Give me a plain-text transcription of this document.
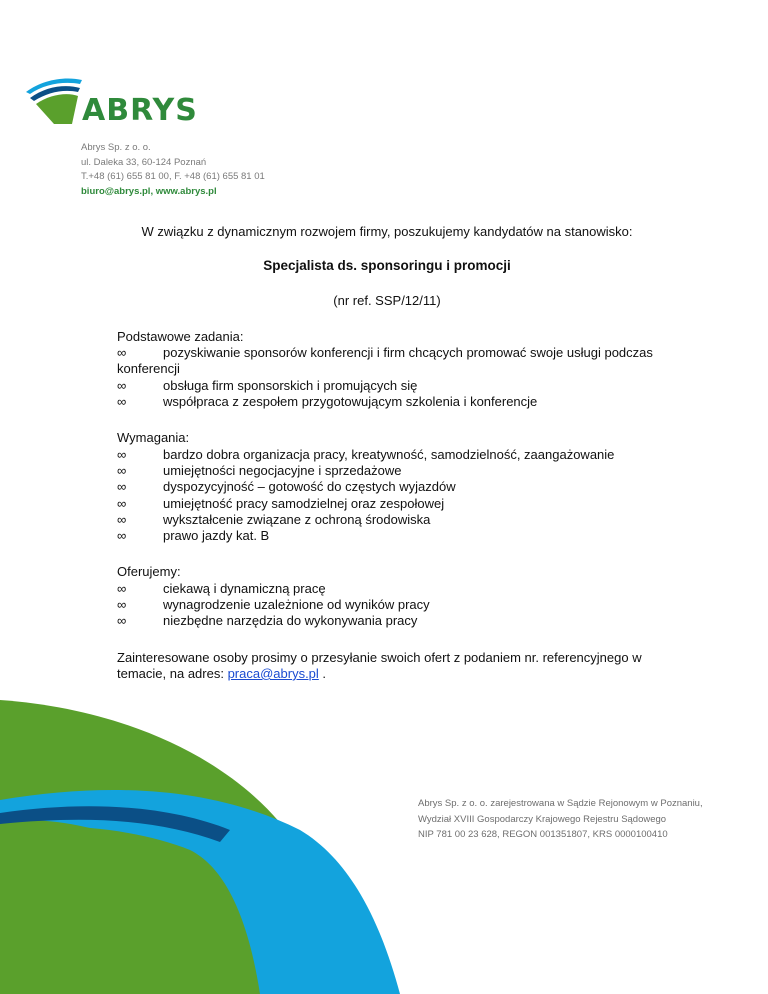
ABRYS
Abrys Sp. z o. o.
ul. Daleka 33, 60-124 Poznań
T.+48 (61) 655 81 00, F. +48 (61) 655 81 01
biuro@abrys.pl, www.abrys.pl
W związku z dynamicznym rozwojem firmy, poszukujemy kandydatów na stanowisko:
Specjalista ds. sponsoringu i promocji
(nr ref. SSP/12/11)
Podstawowe zadania:
∞	pozyskiwanie sponsorów konferencji i firm chcących promować swoje usługi podczas konferencji
∞	obsługa firm sponsorskich i promujących się
∞	współpraca z zespołem przygotowującym szkolenia i konferencje
Wymagania:
∞	bardzo dobra organizacja pracy, kreatywność, samodzielność, zaangażowanie
∞	umiejętności negocjacyjne i sprzedażowe
∞	dyspozycyjność – gotowość do częstych wyjazdów
∞	umiejętność pracy samodzielnej oraz zespołowej
∞	wykształcenie związane z ochroną środowiska
∞	prawo jazdy kat. B
Oferujemy:
∞	ciekawą i dynamiczną pracę
∞	wynagrodzenie uzależnione od wyników pracy
∞	niezbędne narzędzia do wykonywania pracy
Zainteresowane osoby prosimy o przesyłanie swoich ofert z podaniem nr. referencyjnego w temacie, na adres: praca@abrys.pl .
Abrys Sp. z o. o. zarejestrowana w Sądzie Rejonowym w Poznaniu,
Wydział XVIII Gospodarczy Krajowego Rejestru Sądowego
NIP 781 00 23 628, REGON 001351807, KRS 0000100410
